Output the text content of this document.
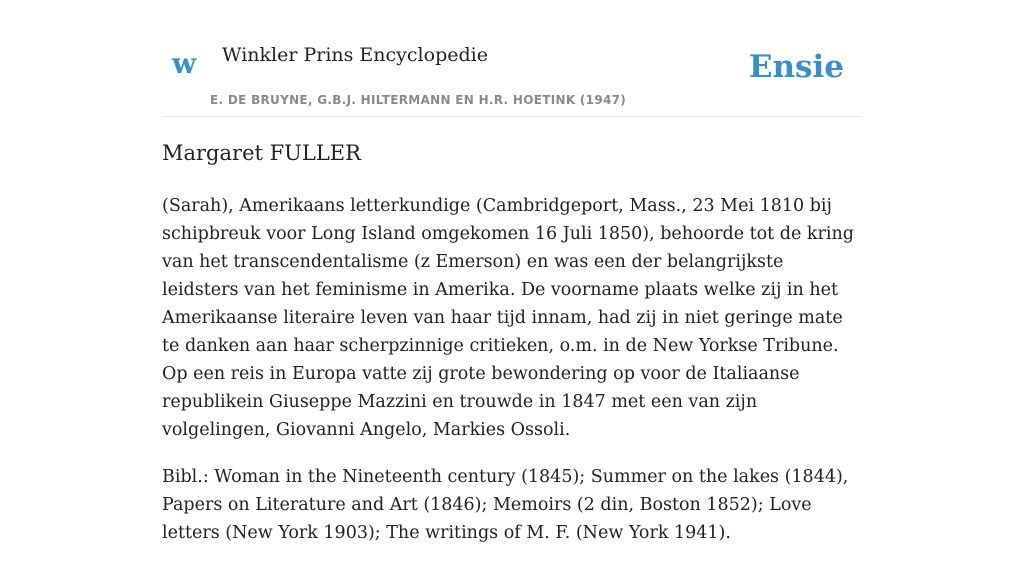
w Winkler Prins Encyclopedie
E. DE BRUYNE, G.B.J. HILTERMANN EN H.R. HOETINK (1947)
Ensie
Margaret FULLER

(Sarah), Amerikaans letterkundige (Cambridgeport, Mass., 23 Mei 1810 bij schipbreuk voor Long Island omgekomen 16 Juli 1850), behoorde tot de kring van het transcendentalisme (z Emerson) en was een der belangrijkste leidsters van het feminisme in Amerika. De voorname plaats welke zij in het Amerikaanse literaire leven van haar tijd innam, had zij in niet geringe mate te danken aan haar scherpzinnige critieken, o.m. in de New Yorkse Tribune. Op een reis in Europa vatte zij grote bewondering op voor de Italiaanse republikein Giuseppe Mazzini en trouwde in 1847 met een van zijn volgelingen, Giovanni Angelo, Markies Ossoli.

Bibl.: Woman in the Nineteenth century (1845); Summer on the lakes (1844), Papers on Literature and Art (1846); Memoirs (2 din, Boston 1852); Love letters (New York 1903); The writings of M. F. (New York 1941).
